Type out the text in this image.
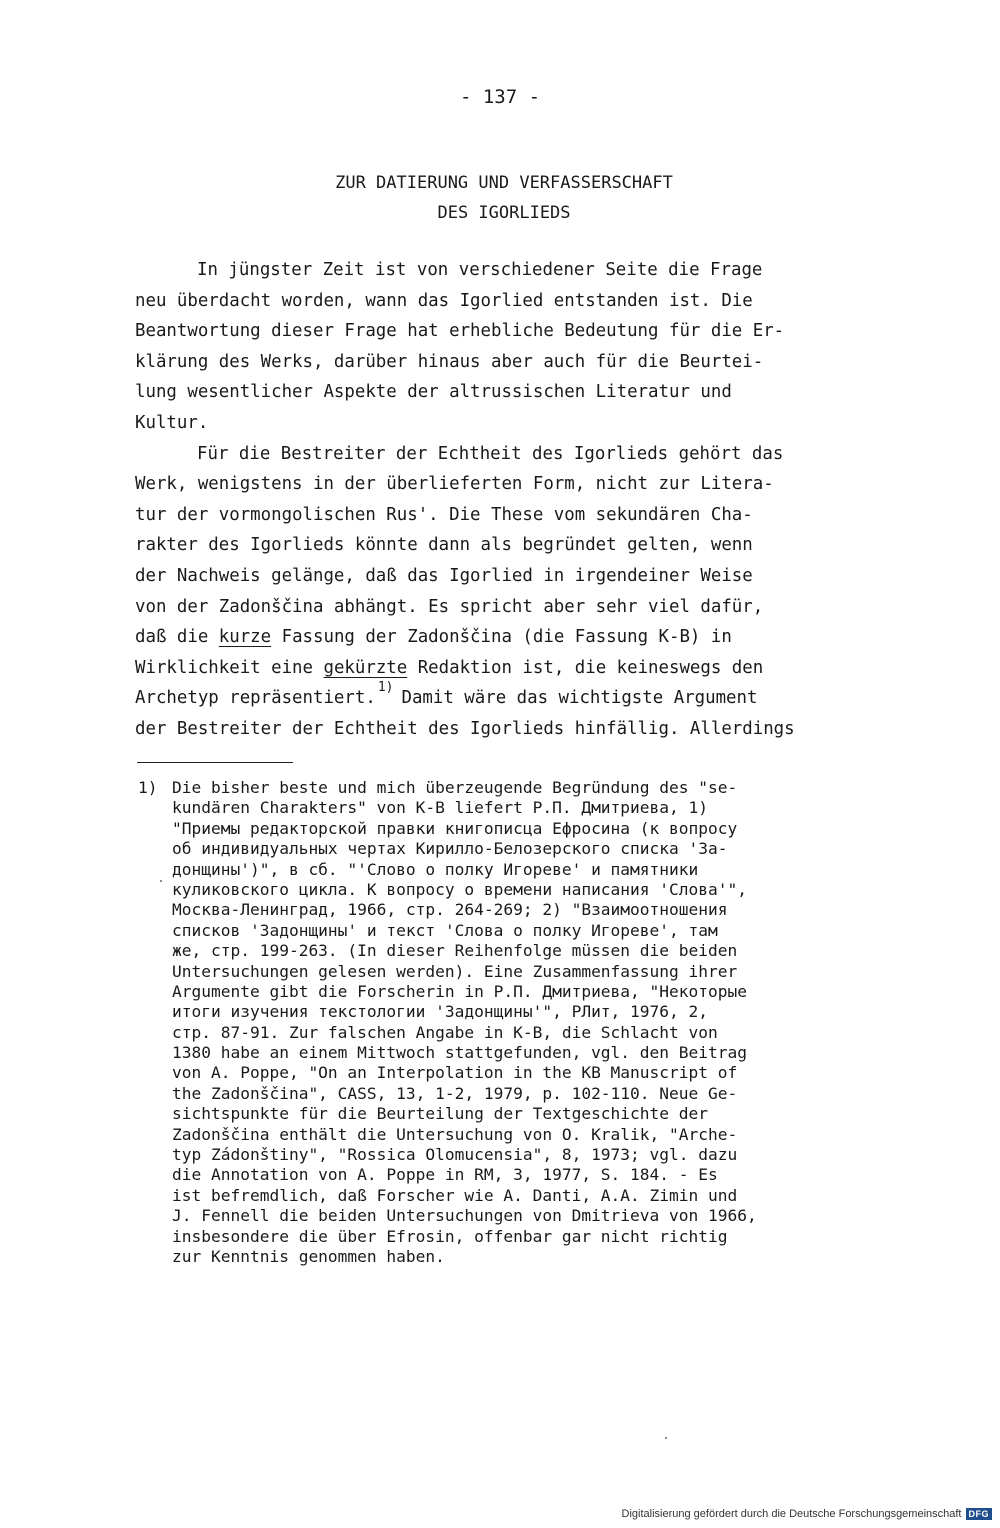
- 137 -
ZUR DATIERUNG UND VERFASSERSCHAFT
DES IGORLIEDS
In jüngster Zeit ist von verschiedener Seite die Frage
neu überdacht worden, wann das Igorlied entstanden ist. Die
Beantwortung dieser Frage hat erhebliche Bedeutung für die Er-
klärung des Werks, darüber hinaus aber auch für die Beurtei-
lung wesentlicher Aspekte der altrussischen Literatur und
Kultur.
Für die Bestreiter der Echtheit des Igorlieds gehört das
Werk, wenigstens in der überlieferten Form, nicht zur Litera-
tur der vormongolischen Rus'. Die These vom sekundären Cha-
rakter des Igorlieds könnte dann als begründet gelten, wenn
der Nachweis gelänge, daß das Igorlied in irgendeiner Weise
von der Zadonščina abhängt. Es spricht aber sehr viel dafür,
daß die kurze Fassung der Zadonščina (die Fassung K-B) in
Wirklichkeit eine gekürzte Redaktion ist, die keineswegs den
Archetyp repräsentiert.$^{1)}$Damit wäre das wichtigste Argument
der Bestreiter der Echtheit des Igorlieds hinfällig. Allerdings
1) Die bisher beste und mich überzeugende Begründung des "se-
kundären Charakters" von K-B liefert Р.П. Дмитриева, 1)
"Приемы редакторской правки книгописца Ефросина (к вопросу
об индивидуальных чертах Кирилло-Белозерского списка 'За-
донщины')", в сб. "'Слово о полку Игореве' и памятники
куликовского цикла. К вопросу о времени написания 'Слова'",
Москва-Ленинград, 1966, стр. 264-269; 2) "Взаимоотношения
списков 'Задонщины' и текст 'Слова о полку Игореве', там
же, стр. 199-263. (In dieser Reihenfolge müssen die beiden
Untersuchungen gelesen werden). Eine Zusammenfassung ihrer
Argumente gibt die Forscherin in Р.П. Дмитриева, "Некоторые
итоги изучения текстологии 'Задонщины'", РЛит, 1976, 2,
стр. 87-91. Zur falschen Angabe in K-B, die Schlacht von
1380 habe an einem Mittwoch stattgefunden, vgl. den Beitrag
von A. Poppe, "On an Interpolation in the KB Manuscript of
the Zadonščina", CASS, 13, 1-2, 1979, p. 102-110. Neue Ge-
sichtspunkte für die Beurteilung der Textgeschichte der
Zadonščina enthält die Untersuchung von O. Kralik, "Arche-
typ Zádonštiny", "Rossica Olomucensia", 8, 1973; vgl. dazu
die Annotation von A. Poppe in RM, 3, 1977, S. 184. - Es
ist befremdlich, daß Forscher wie A. Danti, A.A. Zimin und
J. Fennell die beiden Untersuchungen von Dmitrieva von 1966,
insbesondere die über Efrosin, offenbar gar nicht richtig
zur Kenntnis genommen haben.
Digitalisierung gefördert durch die Deutsche Forschungsgemeinschaft DFG
